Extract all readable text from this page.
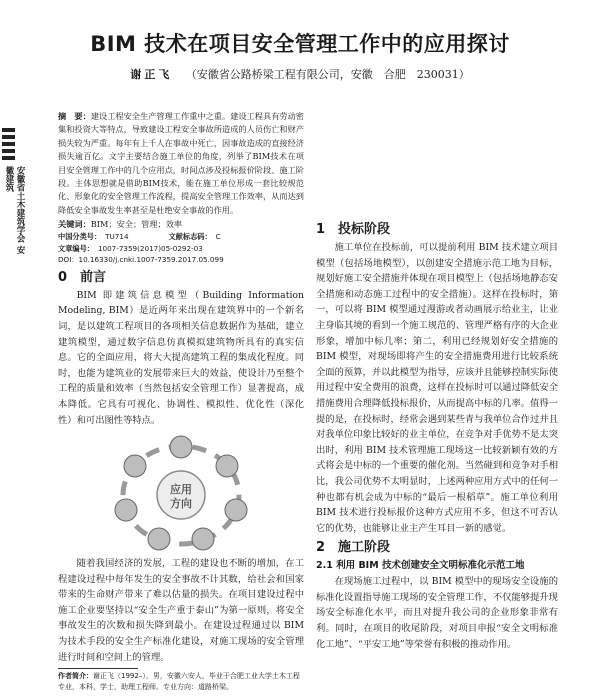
BIM 技术在项目安全管理工作中的应用探讨
谢正飞 （安徽省公路桥梁工程有限公司，安徽　合肥　230031）
安徽省土木建筑学会 安徽建筑

摘　要：建设工程安全生产管理工作重中之重。建设工程具有劳动密集和投资大等特点，导致建设工程安全事故所造成的人员伤亡和财产损失较为严重。每年有上千人在事故中死亡，因事故造成的直接经济损失逾百亿。文字主要结合施工单位的角度，列举了BIM技术在项目安全管理工作中的几个应用点，时间点涉及投标报价阶段、施工阶段。主体思想就是借助BIM技术，能在施工单位形成一套比较规范化、形象化的安全管理工作流程，提高安全管理工作效率，从而达到降低安全事故发生率甚至是杜绝安全事故的作用。

关键词：BIM；安全；管理；效率

中国分类号： TU714	文献标志码： C

文章编号： 1007-7359(2017)05-0292-03

DOI：10.16330/j.cnki.1007-7359.2017.05.099

0　前言

BIM 即建筑信息模型（Building Information Modeling, BIM）是近两年来出现在建筑界中的一个新名词，是以建筑工程项目的各项相关信息数据作为基础，建立建筑模型，通过数字信息仿真模拟建筑物所具有的真实信息。它的全面应用，将大大提高建筑工程的集成化程度。同时，也能为建筑业的发展带来巨大的效益，使设计乃至整个工程的质量和效率（当然包括安全管理工作）显著提高，成本降低。它具有可视化、协调性、模拟性、优化性（深化性）和可出图性等特点。

应用
方向

随着我国经济的发展，工程的建设也不断的增加，在工程建设过程中每年发生的安全事故不计其数，给社会和国家带来的生命财产带来了难以估量的损失。在项目建设过程中施工企业要坚持以“安全生产重于泰山”为第一原则，将安全事故发生的次数和损失降到最小。在建设过程通过以 BIM 为技术手段的安全生产标准化建设，对施工现场的安全管理进行时间和空间上的管理。

1　投标阶段

施工单位在投标前，可以提前利用 BIM 技术建立项目模型（包括场地模型），以创建安全措施示范工地为目标，规划好施工安全措施并体现在项目模型上（包括场地静态安全措施和动态施工过程中的安全措施）。这样在投标时，第一，可以将 BIM 模型通过漫游或者动画展示给业主，让业主身临其境的看到一个施工规范的、管理严格有序的大企业形象，增加中标几率；第二，利用已经规划好安全措施的 BIM 模型，对现场即将产生的安全措施费用进行比较系统全面的预算，并以此模型为指导，应该并且能够控制实际使用过程中安全费用的浪费，这样在投标时可以通过降低安全措施费用合理降低投标报价，从而提高中标的几率。值得一提的是，在投标时，经常会遇到某些青与我单位合作过并且对我单位印象比较好的业主单位，在竞争对手优势不是太突出时，利用 BIM 技术管理施工现场这一比较新颖有效的方式将会是中标的一个重要的催化剂。当然碰到和竞争对手相比，我公司优势不太明显时，上述两种应用方式中的任何一种也都有机会成为中标的“最后一根稻草”。施工单位利用 BIM 技术进行投标报价这种方式应用不多，但这不可否认它的优势，也能够让业主产生耳目一新的感觉。

2　施工阶段
2.1 利用 BIM 技术创建安全文明标准化示范工地

在现场施工过程中，以 BIM 模型中的现场安全设施的标准化设置指导施工现场的安全管理工作，不仅能够提升现场安全标准化水平，而且对提升我公司的企业形象非常有利。同时，在项目的收尾阶段，对项目申报“安全文明标准化工地”、“平安工地”等荣誉有积极的推动作用。

作者简介：谢正飞（1992–），男，安徽六安人，毕业于合肥工业大学土木工程专业，本科，学士，助理工程师。专业方向：道路桥梁。
